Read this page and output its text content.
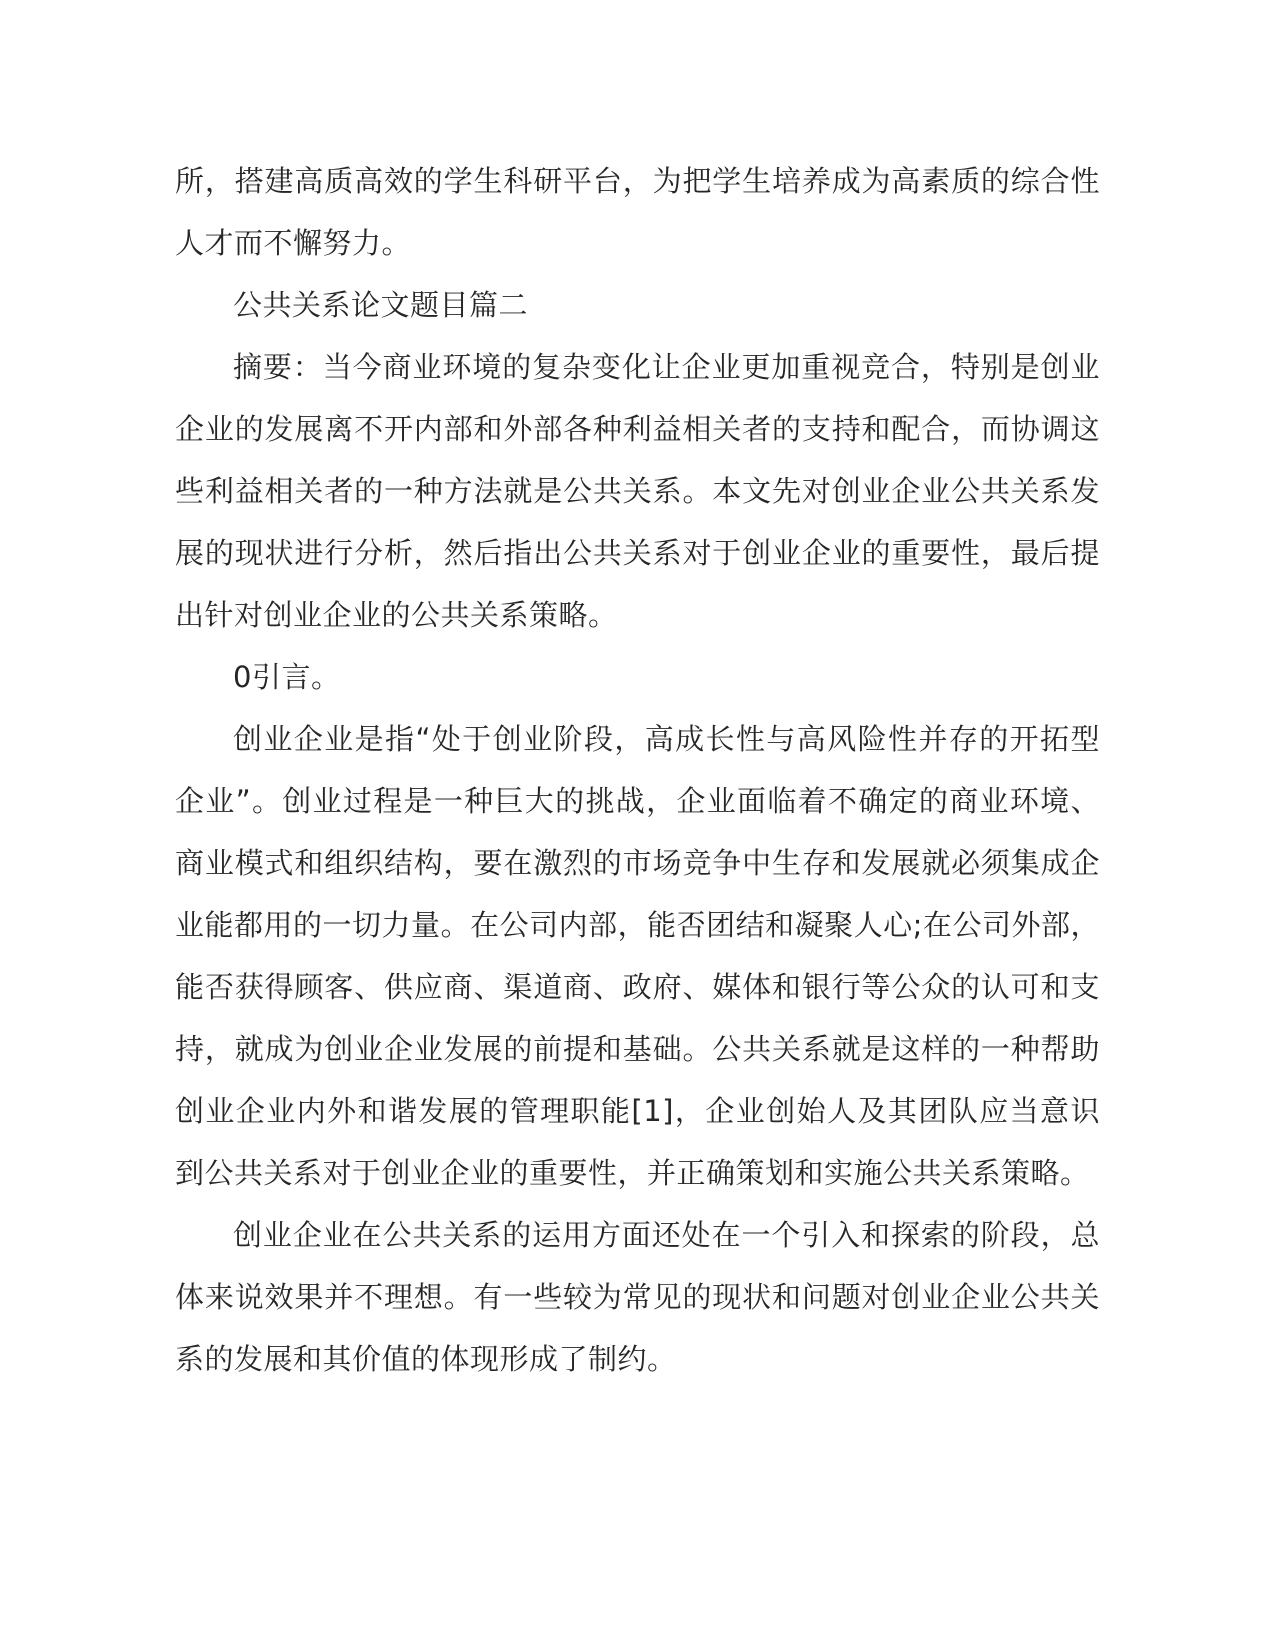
所，搭建高质高效的学生科研平台，为把学生培养成为高素质的综合性人才而不懈努力。

公共关系论文题目篇二

摘要：当今商业环境的复杂变化让企业更加重视竞合，特别是创业企业的发展离不开内部和外部各种利益相关者的支持和配合，而协调这些利益相关者的一种方法就是公共关系。本文先对创业企业公共关系发展的现状进行分析，然后指出公共关系对于创业企业的重要性，最后提出针对创业企业的公共关系策略。

0引言。

创业企业是指“处于创业阶段，高成长性与高风险性并存的开拓型企业”。创业过程是一种巨大的挑战，企业面临着不确定的商业环境、商业模式和组织结构，要在激烈的市场竞争中生存和发展就必须集成企业能都用的一切力量。在公司内部，能否团结和凝聚人心;在公司外部，能否获得顾客、供应商、渠道商、政府、媒体和银行等公众的认可和支持，就成为创业企业发展的前提和基础。公共关系就是这样的一种帮助创业企业内外和谐发展的管理职能[1]，企业创始人及其团队应当意识到公共关系对于创业企业的重要性，并正确策划和实施公共关系策略。

创业企业在公共关系的运用方面还处在一个引入和探索的阶段，总体来说效果并不理想。有一些较为常见的现状和问题对创业企业公共关系的发展和其价值的体现形成了制约。
